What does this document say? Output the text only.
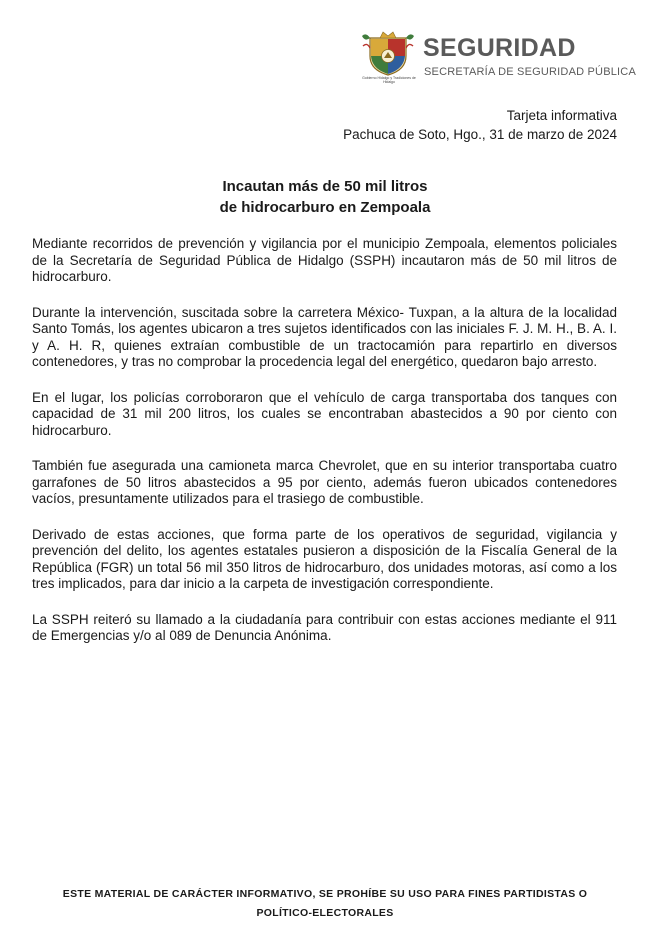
Gobierno Hidalgo y Tradiciones de Hidalgo
SEGURIDAD
SECRETARÍA DE SEGURIDAD PÚBLICA
Tarjeta informativa
Pachuca de Soto, Hgo., 31 de marzo de 2024
Incautan más de 50 mil litros
de hidrocarburo en Zempoala

Mediante recorridos de prevención y vigilancia por el municipio Zempoala, elementos policiales de la Secretaría de Seguridad Pública de Hidalgo (SSPH) incautaron más de 50 mil litros de hidrocarburo.

Durante la intervención, suscitada sobre la carretera México- Tuxpan, a la altura de la localidad Santo Tomás, los agentes ubicaron a tres sujetos identificados con las iniciales F. J. M. H., B. A. I. y A. H. R, quienes extraían combustible de un tractocamión para repartirlo en diversos contenedores, y tras no comprobar la procedencia legal del energético, quedaron bajo arresto.

En el lugar, los policías corroboraron que el vehículo de carga transportaba dos tanques con capacidad de 31 mil 200 litros, los cuales se encontraban abastecidos a 90 por ciento con hidrocarburo.

También fue asegurada una camioneta marca Chevrolet, que en su interior transportaba cuatro garrafones de 50 litros abastecidos a 95 por ciento, además fueron ubicados contenedores vacíos, presuntamente utilizados para el trasiego de combustible.

Derivado de estas acciones, que forma parte de los operativos de seguridad, vigilancia y prevención del delito, los agentes estatales pusieron a disposición de la Fiscalía General de la República (FGR) un total 56 mil 350 litros de hidrocarburo, dos unidades motoras, así como a los tres implicados, para dar inicio a la carpeta de investigación correspondiente.

La SSPH reiteró su llamado a la ciudadanía para contribuir con estas acciones mediante el 911 de Emergencias y/o al 089 de Denuncia Anónima.

ESTE MATERIAL DE CARÁCTER INFORMATIVO, SE PROHÍBE SU USO PARA FINES PARTIDISTAS O
POLÍTICO-ELECTORALES
